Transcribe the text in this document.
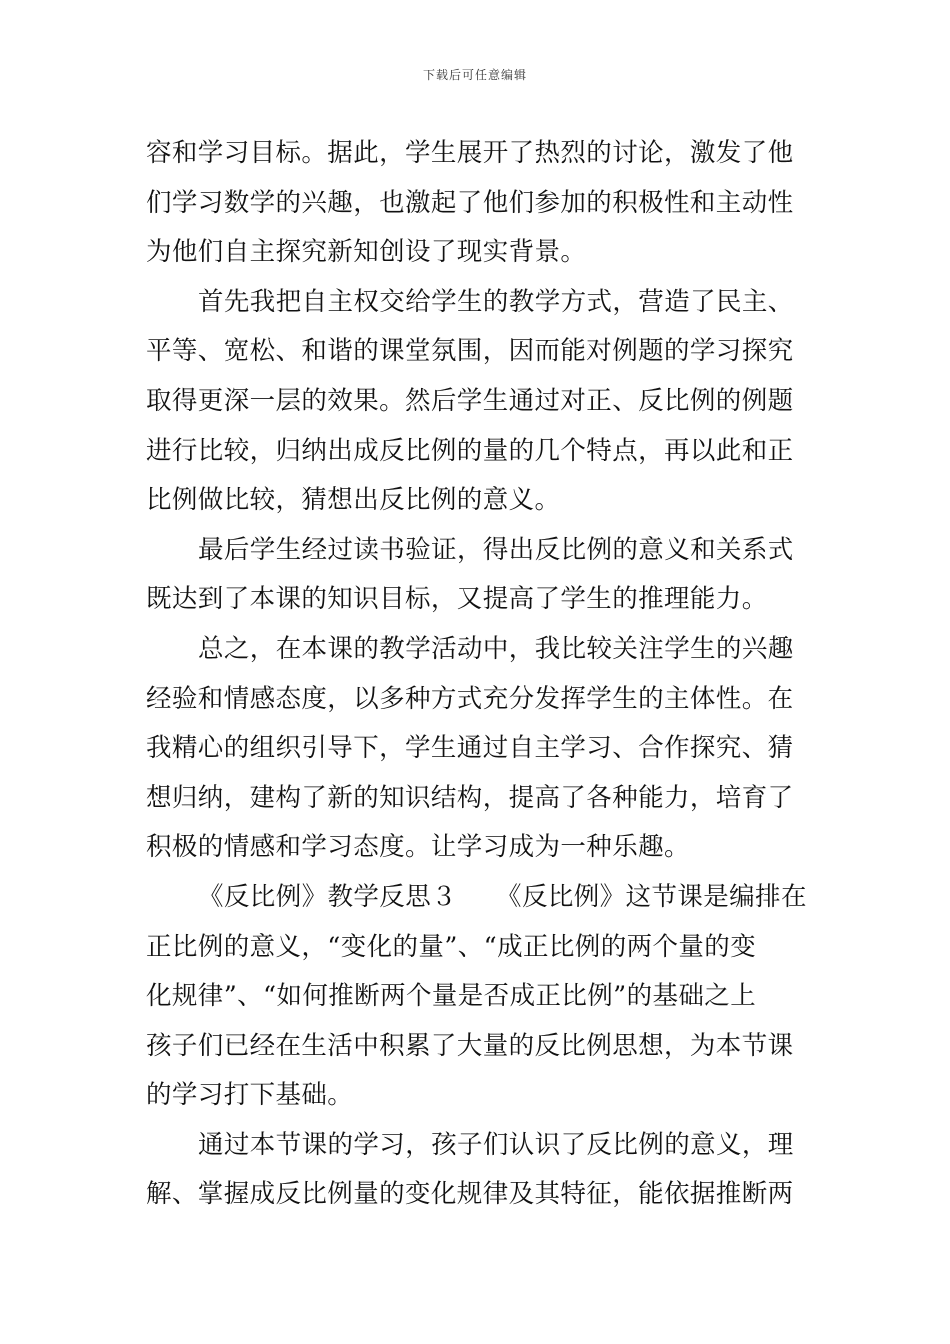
下载后可任意编辑
容和学习目标。据此，学生展开了热烈的讨论，激发了他
们学习数学的兴趣，也激起了他们参加的积极性和主动性
为他们自主探究新知创设了现实背景。
首先我把自主权交给学生的教学方式，营造了民主、
平等、宽松、和谐的课堂氛围，因而能对例题的学习探究
取得更深一层的效果。然后学生通过对正、反比例的例题
进行比较，归纳出成反比例的量的几个特点，再以此和正
比例做比较，猜想出反比例的意义。
最后学生经过读书验证，得出反比例的意义和关系式
既达到了本课的知识目标，又提高了学生的推理能力。
总之，在本课的教学活动中，我比较关注学生的兴趣
经验和情感态度，以多种方式充分发挥学生的主体性。在
我精心的组织引导下，学生通过自主学习、合作探究、猜
想归纳，建构了新的知识结构，提高了各种能力，培育了
积极的情感和学习态度。让学习成为一种乐趣。
《反比例》教学反思３　　《反比例》这节课是编排在
正比例的意义，“变化的量”、“成正比例的两个量的变
化规律”、“如何推断两个量是否成正比例”的基础之上
孩子们已经在生活中积累了大量的反比例思想，为本节课
的学习打下基础。
通过本节课的学习，孩子们认识了反比例的意义，理
解、掌握成反比例量的变化规律及其特征，能依据推断两
